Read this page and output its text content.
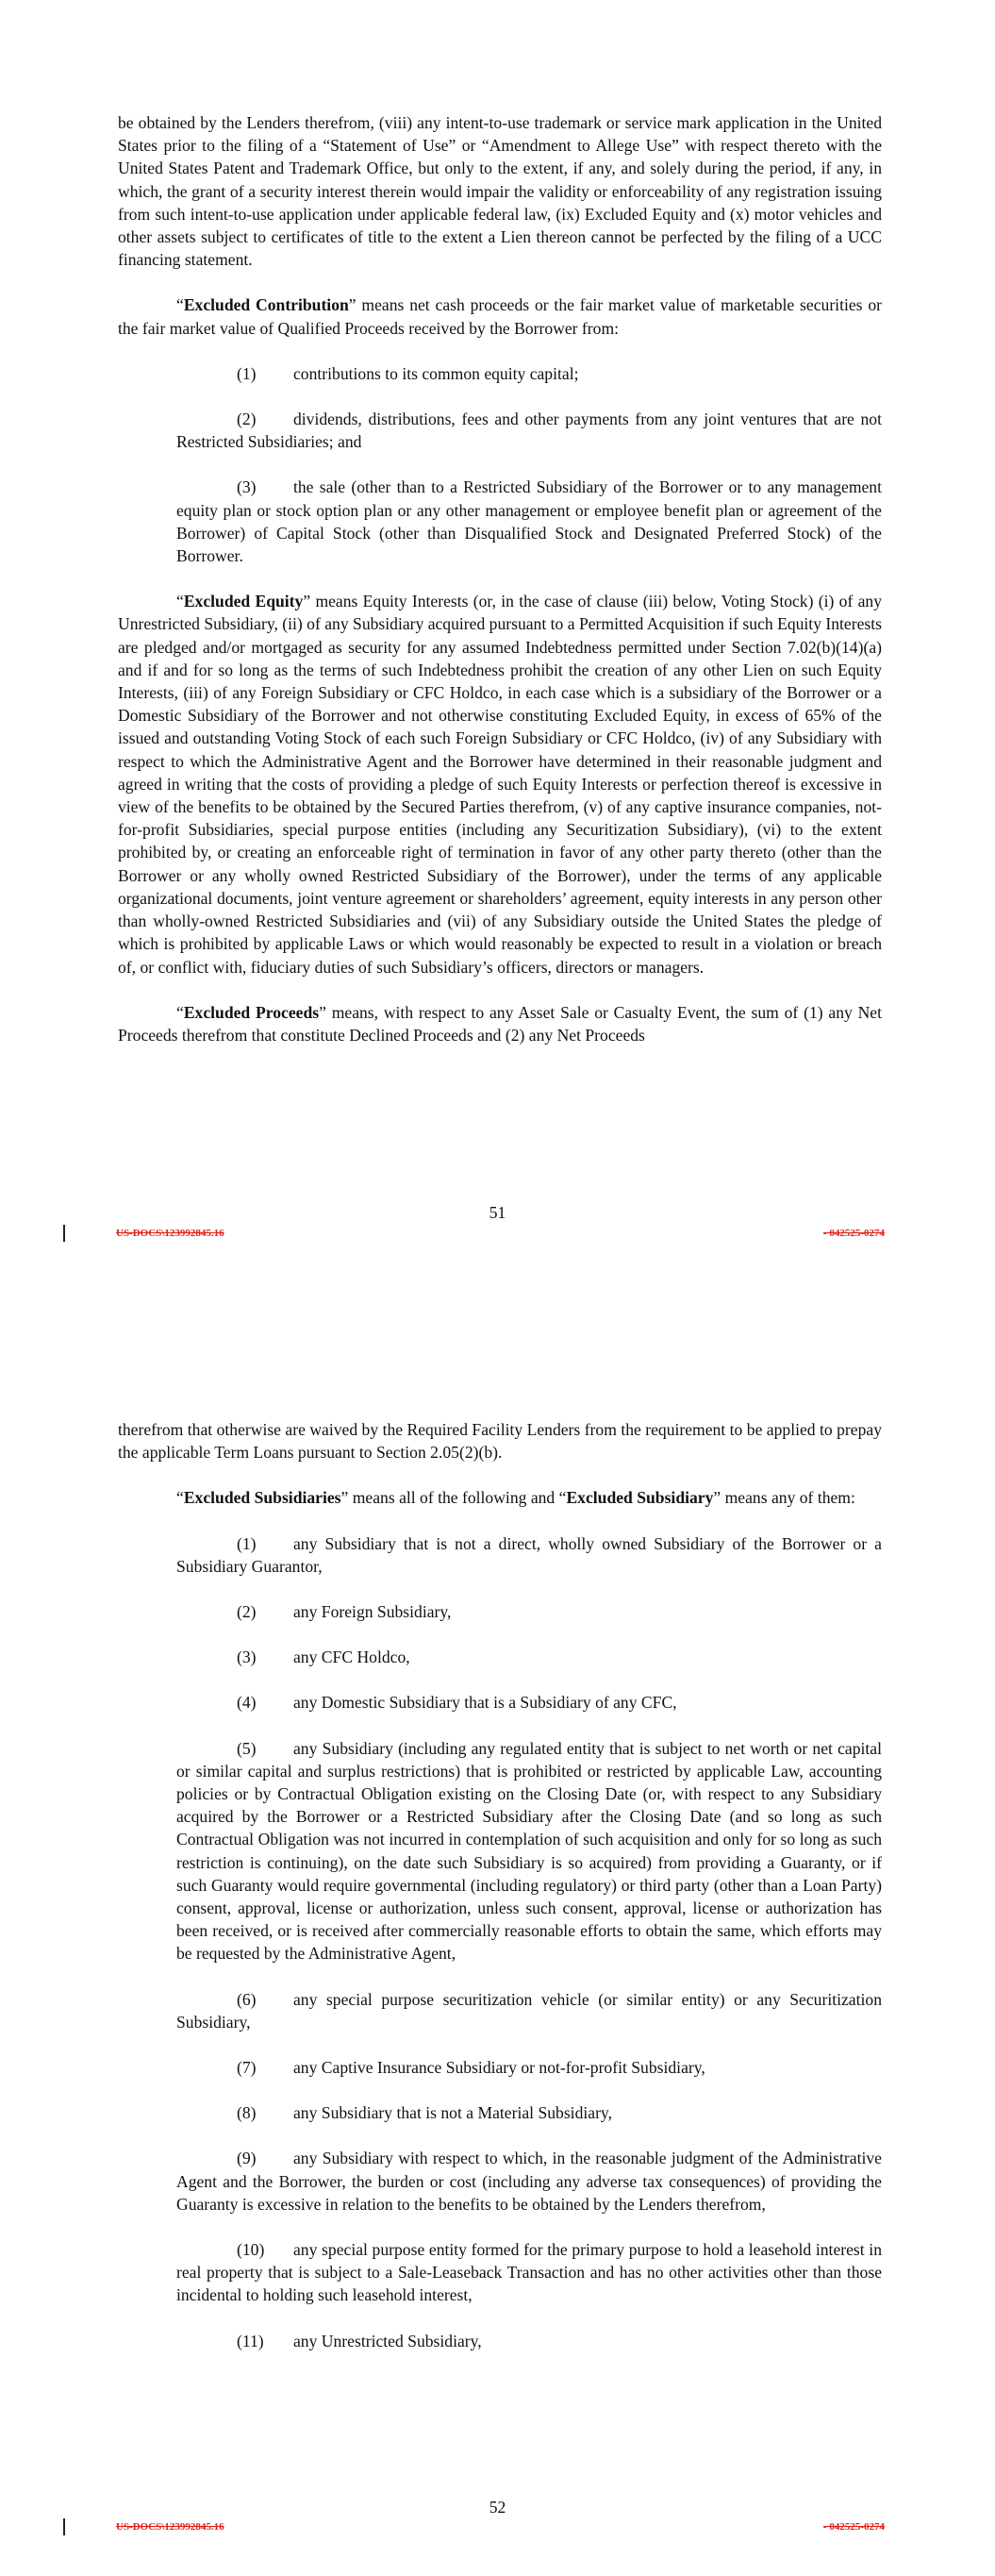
be obtained by the Lenders therefrom, (viii) any intent-to-use trademark or service mark application in the United States prior to the filing of a “Statement of Use” or “Amendment to Allege Use” with respect thereto with the United States Patent and Trademark Office, but only to the extent, if any, and solely during the period, if any, in which, the grant of a security interest therein would impair the validity or enforceability of any registration issuing from such intent-to-use application under applicable federal law, (ix) Excluded Equity and (x) motor vehicles and other assets subject to certificates of title to the extent a Lien thereon cannot be perfected by the filing of a UCC financing statement.

“Excluded Contribution” means net cash proceeds or the fair market value of marketable securities or the fair market value of Qualified Proceeds received by the Borrower from:

(1) contributions to its common equity capital;

(2) dividends, distributions, fees and other payments from any joint ventures that are not Restricted Subsidiaries; and

(3) the sale (other than to a Restricted Subsidiary of the Borrower or to any management equity plan or stock option plan or any other management or employee benefit plan or agreement of the Borrower) of Capital Stock (other than Disqualified Stock and Designated Preferred Stock) of the Borrower.

“Excluded Equity” means Equity Interests (or, in the case of clause (iii) below, Voting Stock) (i) of any Unrestricted Subsidiary, (ii) of any Subsidiary acquired pursuant to a Permitted Acquisition if such Equity Interests are pledged and/or mortgaged as security for any assumed Indebtedness permitted under Section 7.02(b)(14)(a) and if and for so long as the terms of such Indebtedness prohibit the creation of any other Lien on such Equity Interests, (iii) of any Foreign Subsidiary or CFC Holdco, in each case which is a subsidiary of the Borrower or a Domestic Subsidiary of the Borrower and not otherwise constituting Excluded Equity, in excess of 65% of the issued and outstanding Voting Stock of each such Foreign Subsidiary or CFC Holdco, (iv) of any Subsidiary with respect to which the Administrative Agent and the Borrower have determined in their reasonable judgment and agreed in writing that the costs of providing a pledge of such Equity Interests or perfection thereof is excessive in view of the benefits to be obtained by the Secured Parties therefrom, (v) of any captive insurance companies, not-for-profit Subsidiaries, special purpose entities (including any Securitization Subsidiary), (vi) to the extent prohibited by, or creating an enforceable right of termination in favor of any other party thereto (other than the Borrower or any wholly owned Restricted Subsidiary of the Borrower), under the terms of any applicable organizational documents, joint venture agreement or shareholders’ agreement, equity interests in any person other than wholly-owned Restricted Subsidiaries and (vii) of any Subsidiary outside the United States the pledge of which is prohibited by applicable Laws or which would reasonably be expected to result in a violation or breach of, or conflict with, fiduciary duties of such Subsidiary’s officers, directors or managers.

“Excluded Proceeds” means, with respect to any Asset Sale or Casualty Event, the sum of (1) any Net Proceeds therefrom that constitute Declined Proceeds and (2) any Net Proceeds

51
US-DOCS\123992845.16	- 042525-0274

therefrom that otherwise are waived by the Required Facility Lenders from the requirement to be applied to prepay the applicable Term Loans pursuant to Section 2.05(2)(b).

“Excluded Subsidiaries” means all of the following and “Excluded Subsidiary” means any of them:

(1) any Subsidiary that is not a direct, wholly owned Subsidiary of the Borrower or a Subsidiary Guarantor,

(2) any Foreign Subsidiary,

(3) any CFC Holdco,

(4) any Domestic Subsidiary that is a Subsidiary of any CFC,

(5) any Subsidiary (including any regulated entity that is subject to net worth or net capital or similar capital and surplus restrictions) that is prohibited or restricted by applicable Law, accounting policies or by Contractual Obligation existing on the Closing Date (or, with respect to any Subsidiary acquired by the Borrower or a Restricted Subsidiary after the Closing Date (and so long as such Contractual Obligation was not incurred in contemplation of such acquisition and only for so long as such restriction is continuing), on the date such Subsidiary is so acquired) from providing a Guaranty, or if such Guaranty would require governmental (including regulatory) or third party (other than a Loan Party) consent, approval, license or authorization, unless such consent, approval, license or authorization has been received, or is received after commercially reasonable efforts to obtain the same, which efforts may be requested by the Administrative Agent,

(6) any special purpose securitization vehicle (or similar entity) or any Securitization Subsidiary,

(7) any Captive Insurance Subsidiary or not-for-profit Subsidiary,

(8) any Subsidiary that is not a Material Subsidiary,

(9) any Subsidiary with respect to which, in the reasonable judgment of the Administrative Agent and the Borrower, the burden or cost (including any adverse tax consequences) of providing the Guaranty is excessive in relation to the benefits to be obtained by the Lenders therefrom,

(10) any special purpose entity formed for the primary purpose to hold a leasehold interest in real property that is subject to a Sale-Leaseback Transaction and has no other activities other than those incidental to holding such leasehold interest,

(11) any Unrestricted Subsidiary,

52
US-DOCS\123992845.16	- 042525-0274
